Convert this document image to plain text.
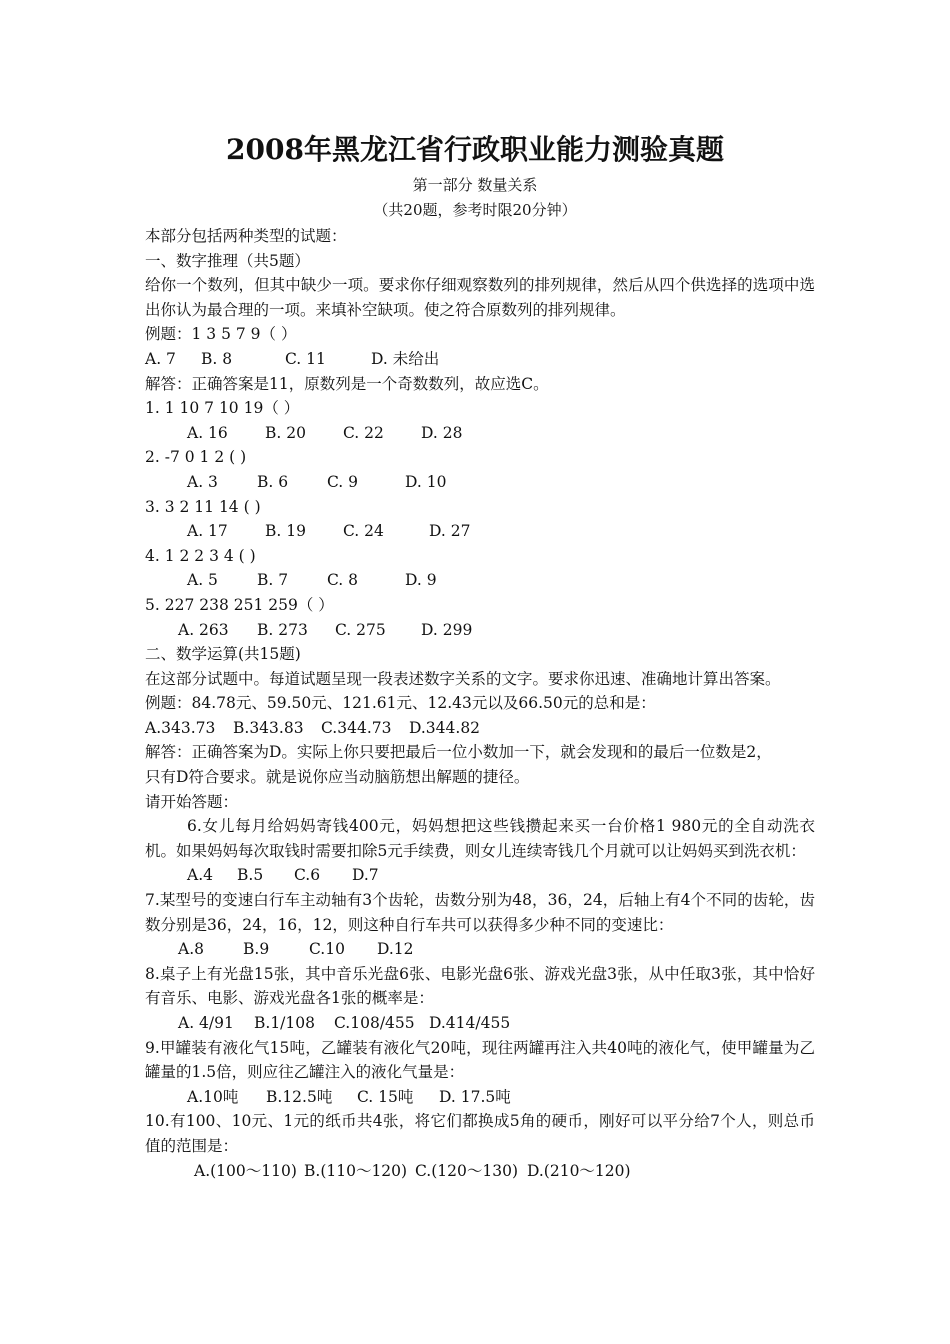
2008年黑龙江省行政职业能力测验真题
第一部分 数量关系
（共20题，参考时限20分钟）

本部分包括两种类型的试题：

一、数字推理（共5题）

给你一个数列，但其中缺少一项。要求你仔细观察数列的排列规律，然后从四个供选择的选项中选出你认为最合理的一项。来填补空缺项。使之符合原数列的排列规律。

例题：1 3 5 7 9（ ）

A. 7 B. 8	C. 11	D. 未给出

解答：正确答案是11，原数列是一个奇数数列，故应选C。

1. 1 10 7 10 19（ ）

A. 16 B. 20 C. 22 D. 28

2. -7 0 1 2 ( )

A. 3	B. 6	C. 9	D. 10

3. 3 2 11 14 ( )

A. 17 B. 19 C. 24	D. 27

4. 1 2 2 3 4 ( )

A. 5	B. 7	C. 8	D. 9

5. 227 238 251 259（ ）

A. 263 B. 273 C. 275 D. 299

二、数学运算(共15题)

在这部分试题中。每道试题呈现一段表述数字关系的文字。要求你迅速、准确地计算出答案。

例题：84.78元、59.50元、121.61元、12.43元以及66.50元的总和是：

A.343.73 B.343.83 C.344.73 D.344.82

解答：正确答案为D。实际上你只要把最后一位小数加一下，就会发现和的最后一位数是2，

只有D符合要求。就是说你应当动脑筋想出解题的捷径。

请开始答题：

6.女儿每月给妈妈寄钱400元，妈妈想把这些钱攒起来买一台价格1 980元的全自动洗衣机。如果妈妈每次取钱时需要扣除5元手续费，则女儿连续寄钱几个月就可以让妈妈买到洗衣机：

A.4 B.5 C.6 D.7

7.某型号的变速白行车主动轴有3个齿轮，齿数分别为48，36，24，后轴上有4个不同的齿轮，齿数分别是36，24，16，12，则这种自行车共可以获得多少种不同的变速比：

A.8	B.9	C.10 D.12

8.桌子上有光盘15张，其中音乐光盘6张、电影光盘6张、游戏光盘3张，从中任取3张，其中恰好有音乐、电影、游戏光盘各1张的概率是：

A. 4/91 B.1/108 C.108/455 D.414/455

9.甲罐装有液化气15吨，乙罐装有液化气20吨，现往两罐再注入共40吨的液化气，使甲罐量为乙罐量的1.5倍，则应往乙罐注入的液化气量是：

A.10吨 B.12.5吨 C. 15吨 D. 17.5吨

10.有100、10元、1元的纸币共4张，将它们都换成5角的硬币，刚好可以平分给7个人，则总币值的范围是：

A.(100～110) B.(110～120) C.(120～130) D.(210～120)
